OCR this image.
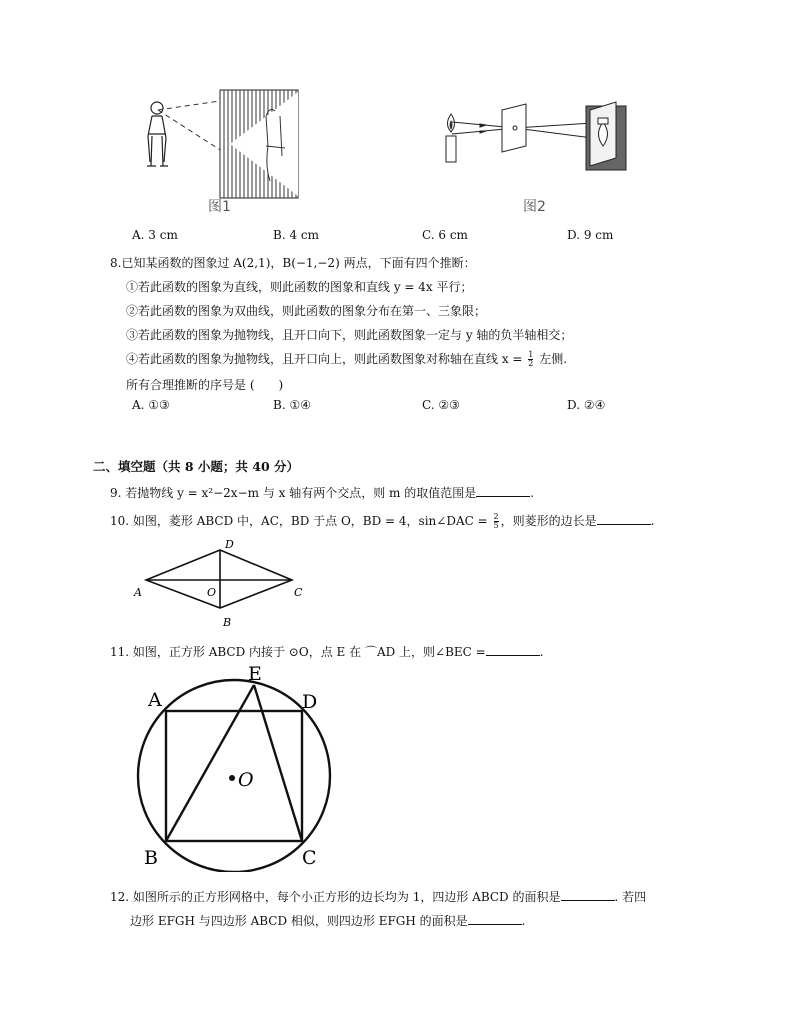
图1	图2
A. 3 cm	B. 4 cm	C. 6 cm	D. 9 cm
8.已知某函数的图象过 A(2,1)，B(−1,−2) 两点，下面有四个推断：
①若此函数的图象为直线，则此函数的图象和直线 y = 4x 平行；
②若此函数的图象为双曲线，则此函数的图象分布在第一、三象限；
③若此函数的图象为抛物线，且开口向下，则此函数图象一定与 y 轴的负半轴相交；
④若此函数的图象为抛物线，且开口向上，则此函数图象对称轴在直线 $x = \frac{1}{2}$ 左侧.
所有合理推断的序号是 (　　)
A. ①③	B. ①④	C. ②③	D. ②④
二、填空题（共 8 小题；共 40 分）
9. 若抛物线 y = x²−2x−m 与 x 轴有两个交点，则 m 的取值范围是	.
10. 如图，菱形 ABCD 中，AC，BD 于点 O，BD = 4，sin∠DAC = $\frac{2}{5}$ ，则菱形的边长是	.
A
D
C
B
O
11. 如图，正方形 ABCD 内接于 ⊙O，点 E 在 ⌒AD 上，则∠BEC =	.
A
E
D
O
B	C
12. 如图所示的正方形网格中，每个小正方形的边长均为 1，四边形 ABCD 的面积是	. 若四
边形 EFGH 与四边形 ABCD 相似，则四边形 EFGH 的面积是	.
